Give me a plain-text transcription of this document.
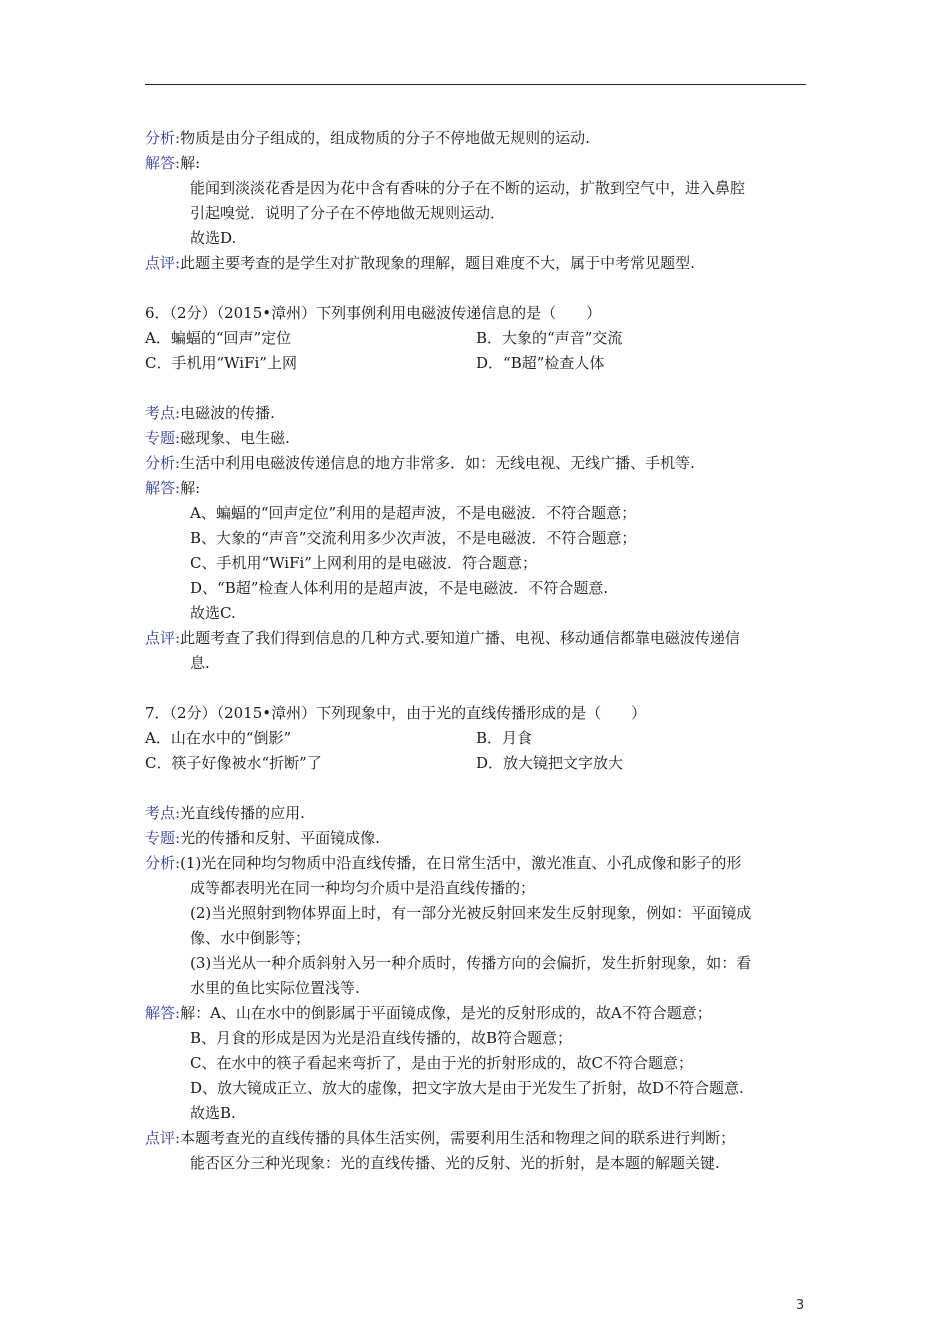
分析:物质是由分子组成的，组成物质的分子不停地做无规则的运动.
解答:解:
能闻到淡淡花香是因为花中含有香味的分子在不断的运动，扩散到空气中，进入鼻腔
引起嗅觉．说明了分子在不停地做无规则运动．
故选D.
点评:此题主要考查的是学生对扩散现象的理解，题目难度不大，属于中考常见题型.
6．（2分）（2015•漳州）下列事例利用电磁波传递信息的是（　　）
A．蝙蝠的“回声”定位	B．大象的“声音”交流
C．手机用“WiFi”上网	D．“B超”检查人体
考点:电磁波的传播.
专题:磁现象、电生磁.
分析:生活中利用电磁波传递信息的地方非常多．如：无线电视、无线广播、手机等.
解答:解:
A、蝙蝠的“回声定位”利用的是超声波，不是电磁波．不符合题意；
B、大象的“声音”交流利用多少次声波，不是电磁波．不符合题意；
C、手机用“WiFi”上网利用的是电磁波．符合题意；
D、“B超”检查人体利用的是超声波，不是电磁波．不符合题意.
故选C.
点评:此题考查了我们得到信息的几种方式.要知道广播、电视、移动通信都靠电磁波传递信
息.
7．（2分）（2015•漳州）下列现象中，由于光的直线传播形成的是（　　）
A．山在水中的“倒影”	B．月食
C．筷子好像被水“折断”了	D．放大镜把文字放大
考点:光直线传播的应用.
专题:光的传播和反射、平面镜成像.
分析:(1)光在同种均匀物质中沿直线传播，在日常生活中，激光准直、小孔成像和影子的形
成等都表明光在同一种均匀介质中是沿直线传播的；
(2)当光照射到物体界面上时，有一部分光被反射回来发生反射现象，例如：平面镜成
像、水中倒影等；
(3)当光从一种介质斜射入另一种介质时，传播方向的会偏折，发生折射现象，如：看
水里的鱼比实际位置浅等.
解答:解：A、山在水中的倒影属于平面镜成像，是光的反射形成的，故A不符合题意；
B、月食的形成是因为光是沿直线传播的，故B符合题意；
C、在水中的筷子看起来弯折了，是由于光的折射形成的，故C不符合题意；
D、放大镜成正立、放大的虚像，把文字放大是由于光发生了折射，故D不符合题意.
故选B.
点评:本题考查光的直线传播的具体生活实例，需要利用生活和物理之间的联系进行判断；
能否区分三种光现象：光的直线传播、光的反射、光的折射，是本题的解题关键.
3
